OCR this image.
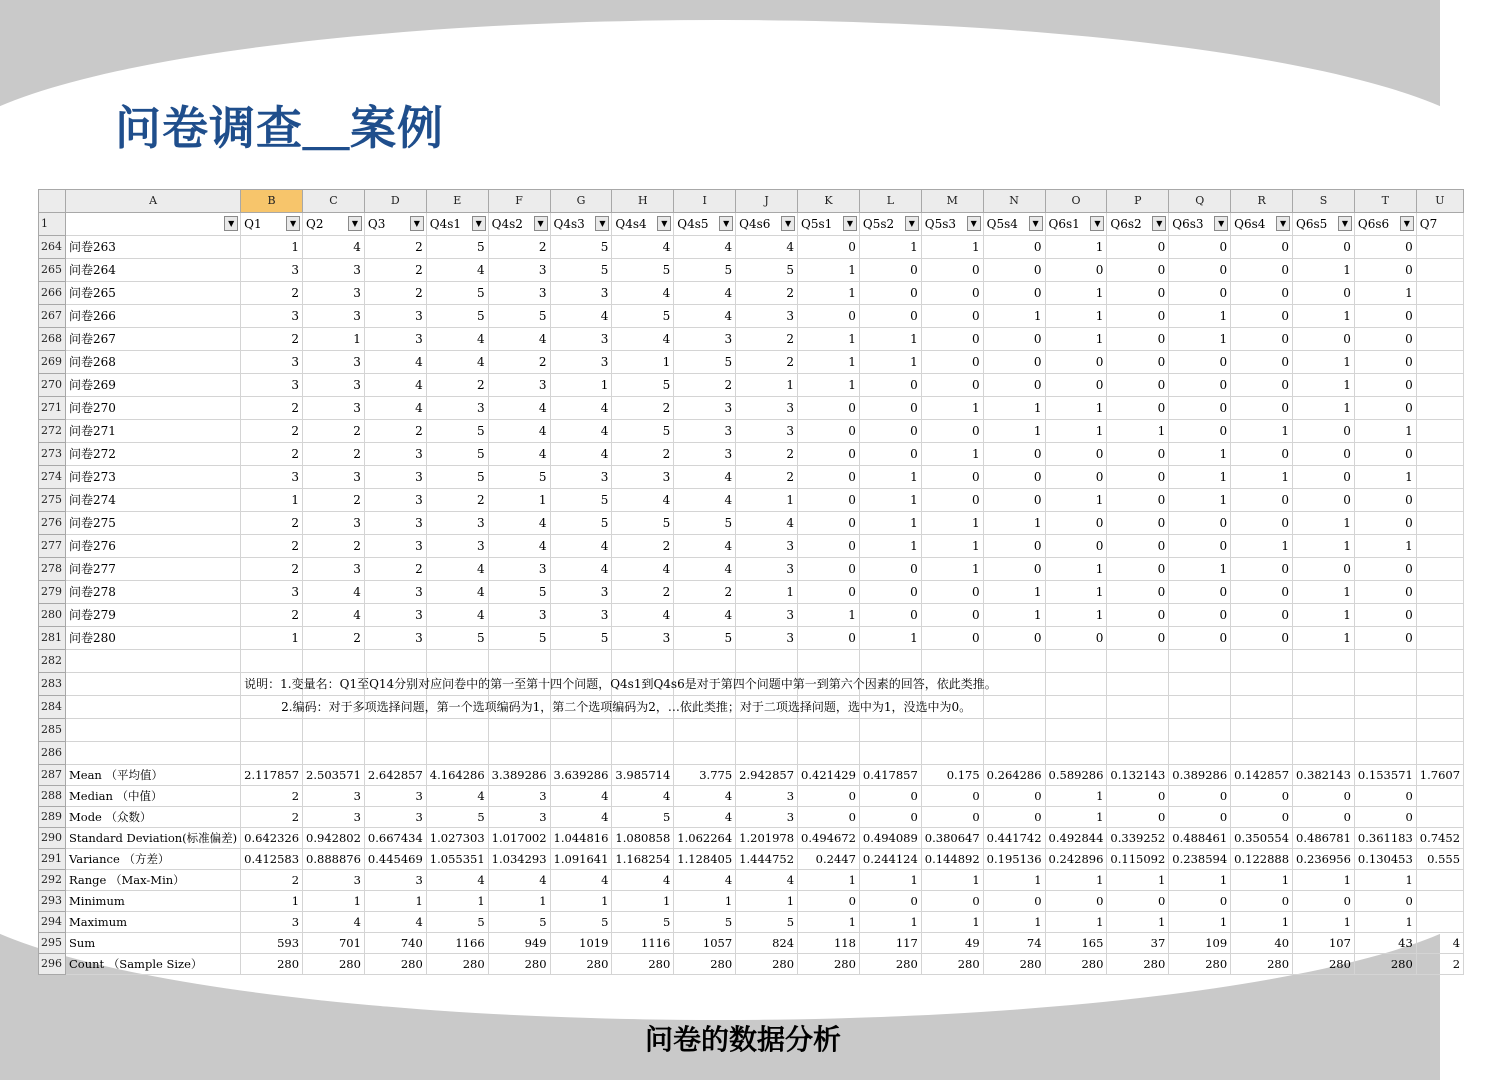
问卷调查＿案例
	A	B	C	D	E	F	G	H	I	J	K	L	M	N	O	P	Q	R	S	T	U
1	▼	Q1 ▼	Q2 ▼	Q3 ▼	Q4s1 ▼	Q4s2 ▼	Q4s3 ▼	Q4s4 ▼	Q4s5 ▼	Q4s6 ▼	Q5s1 ▼	Q5s2 ▼	Q5s3 ▼	Q5s4 ▼	Q6s1 ▼	Q6s2 ▼	Q6s3 ▼	Q6s4 ▼	Q6s5 ▼	Q6s6 ▼	Q7
264	问卷263	1	4	2	5	2	5	4	4	4	0	1	1	0	1	0	0	0	0	0	
265	问卷264	3	3	2	4	3	5	5	5	5	1	0	0	0	0	0	0	0	1	0	
266	问卷265	2	3	2	5	3	3	4	4	2	1	0	0	0	1	0	0	0	0	1	
267	问卷266	3	3	3	5	5	4	5	4	3	0	0	0	1	1	0	1	0	1	0	
268	问卷267	2	1	3	4	4	3	4	3	2	1	1	0	0	1	0	1	0	0	0	
269	问卷268	3	3	4	4	2	3	1	5	2	1	1	0	0	0	0	0	0	1	0	
270	问卷269	3	3	4	2	3	1	5	2	1	1	0	0	0	0	0	0	0	1	0	
271	问卷270	2	3	4	3	4	4	2	3	3	0	0	1	1	1	0	0	0	1	0	
272	问卷271	2	2	2	5	4	4	5	3	3	0	0	0	1	1	1	0	1	0	1	
273	问卷272	2	2	3	5	4	4	2	3	2	0	0	1	0	0	0	1	0	0	0	
274	问卷273	3	3	3	5	5	3	3	4	2	0	1	0	0	0	0	1	1	0	1	
275	问卷274	1	2	3	2	1	5	4	4	1	0	1	0	0	1	0	1	0	0	0	
276	问卷275	2	3	3	3	4	5	5	5	4	0	1	1	1	0	0	0	0	1	0	
277	问卷276	2	2	3	3	4	4	2	4	3	0	1	1	0	0	0	0	1	1	1	
278	问卷277	2	3	2	4	3	4	4	4	3	0	0	1	0	1	0	1	0	0	0	
279	问卷278	3	4	3	4	5	3	2	2	1	0	0	0	1	1	0	0	0	1	0	
280	问卷279	2	4	3	4	3	3	4	4	3	1	0	0	1	1	0	0	0	1	0	
281	问卷280	1	2	3	5	5	5	3	5	3	0	1	0	0	0	0	0	0	1	0	
282																					
283		说明：1.变量名：Q1至Q14分别对应问卷中的第一至第十四个问题，Q4s1到Q4s6是对于第四个问题中第一到第六个因素的回答，依此类推。																			

284		2.编码：对于多项选择问题，第一个选项编码为1，第二个选项编码为2，…依此类推；对于二项选择问题，选中为1，没选中为0。																			

285																					
286																					
287	Mean （平均值）	2.117857	2.503571	2.642857	4.164286	3.389286	3.639286	3.985714	3.775	2.942857	0.421429	0.417857	0.175	0.264286	0.589286	0.132143	0.389286	0.142857	0.382143	0.153571	1.7607
288	Median （中值）	2	3	3	4	3	4	4	4	3	0	0	0	0	1	0	0	0	0	0	
289	Mode （众数）	2	3	3	5	3	4	5	4	3	0	0	0	0	1	0	0	0	0	0	
290	Standard Deviation(标准偏差)	0.642326	0.942802	0.667434	1.027303	1.017002	1.044816	1.080858	1.062264	1.201978	0.494672	0.494089	0.380647	0.441742	0.492844	0.339252	0.488461	0.350554	0.486781	0.361183	0.7452
291	Variance （方差）	0.412583	0.888876	0.445469	1.055351	1.034293	1.091641	1.168254	1.128405	1.444752	0.2447	0.244124	0.144892	0.195136	0.242896	0.115092	0.238594	0.122888	0.236956	0.130453	0.555
292	Range （Max-Min）	2	3	3	4	4	4	4	4	4	1	1	1	1	1	1	1	1	1	1	
293	Minimum	1	1	1	1	1	1	1	1	1	0	0	0	0	0	0	0	0	0	0	
294	Maximum	3	4	4	5	5	5	5	5	5	1	1	1	1	1	1	1	1	1	1	
295	Sum	593	701	740	1166	949	1019	1116	1057	824	118	117	49	74	165	37	109	40	107	43	4
296	Count （Sample Size）	280	280	280	280	280	280	280	280	280	280	280	280	280	280	280	280	280	280	280	2
问卷的数据分析
